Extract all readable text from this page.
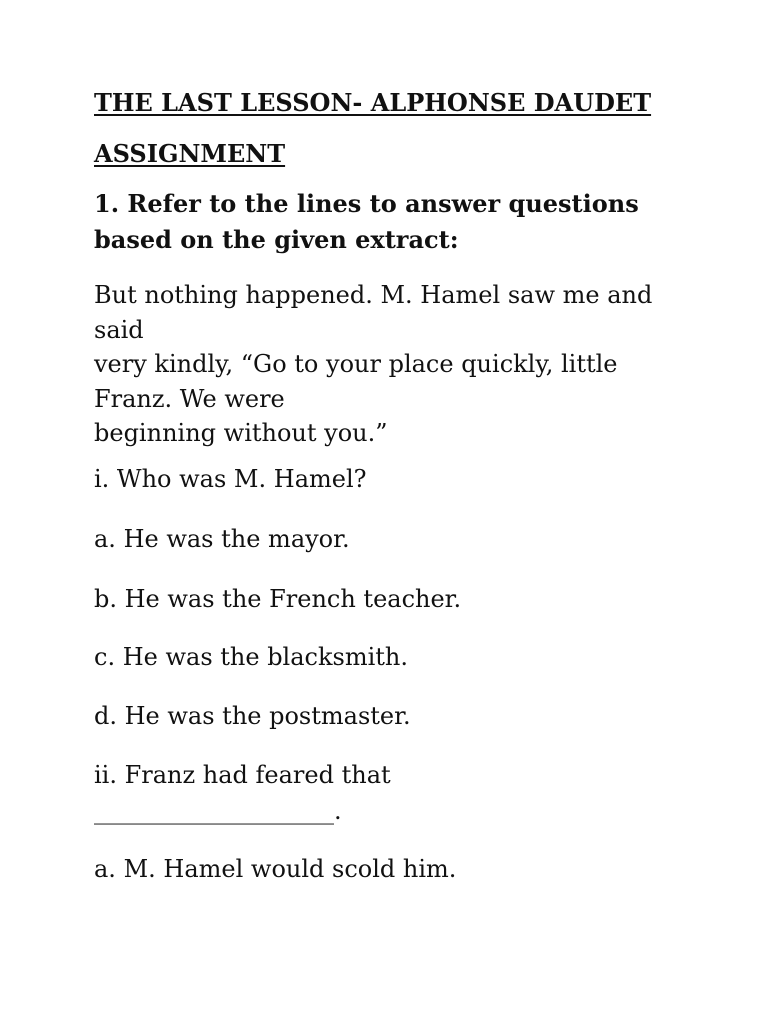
THE LAST LESSON- ALPHONSE DAUDET
ASSIGNMENT
1. Refer to the lines to answer questions based on the given extract:
But nothing happened. M. Hamel saw me and said
very kindly, “Go to your place quickly, little Franz. We were
beginning without you.”
i. Who was M. Hamel?
a. He was the mayor.
b. He was the French teacher.
c. He was the blacksmith.
d. He was the postmaster.
ii. Franz had feared that
____________________.
a. M. Hamel would scold him.
